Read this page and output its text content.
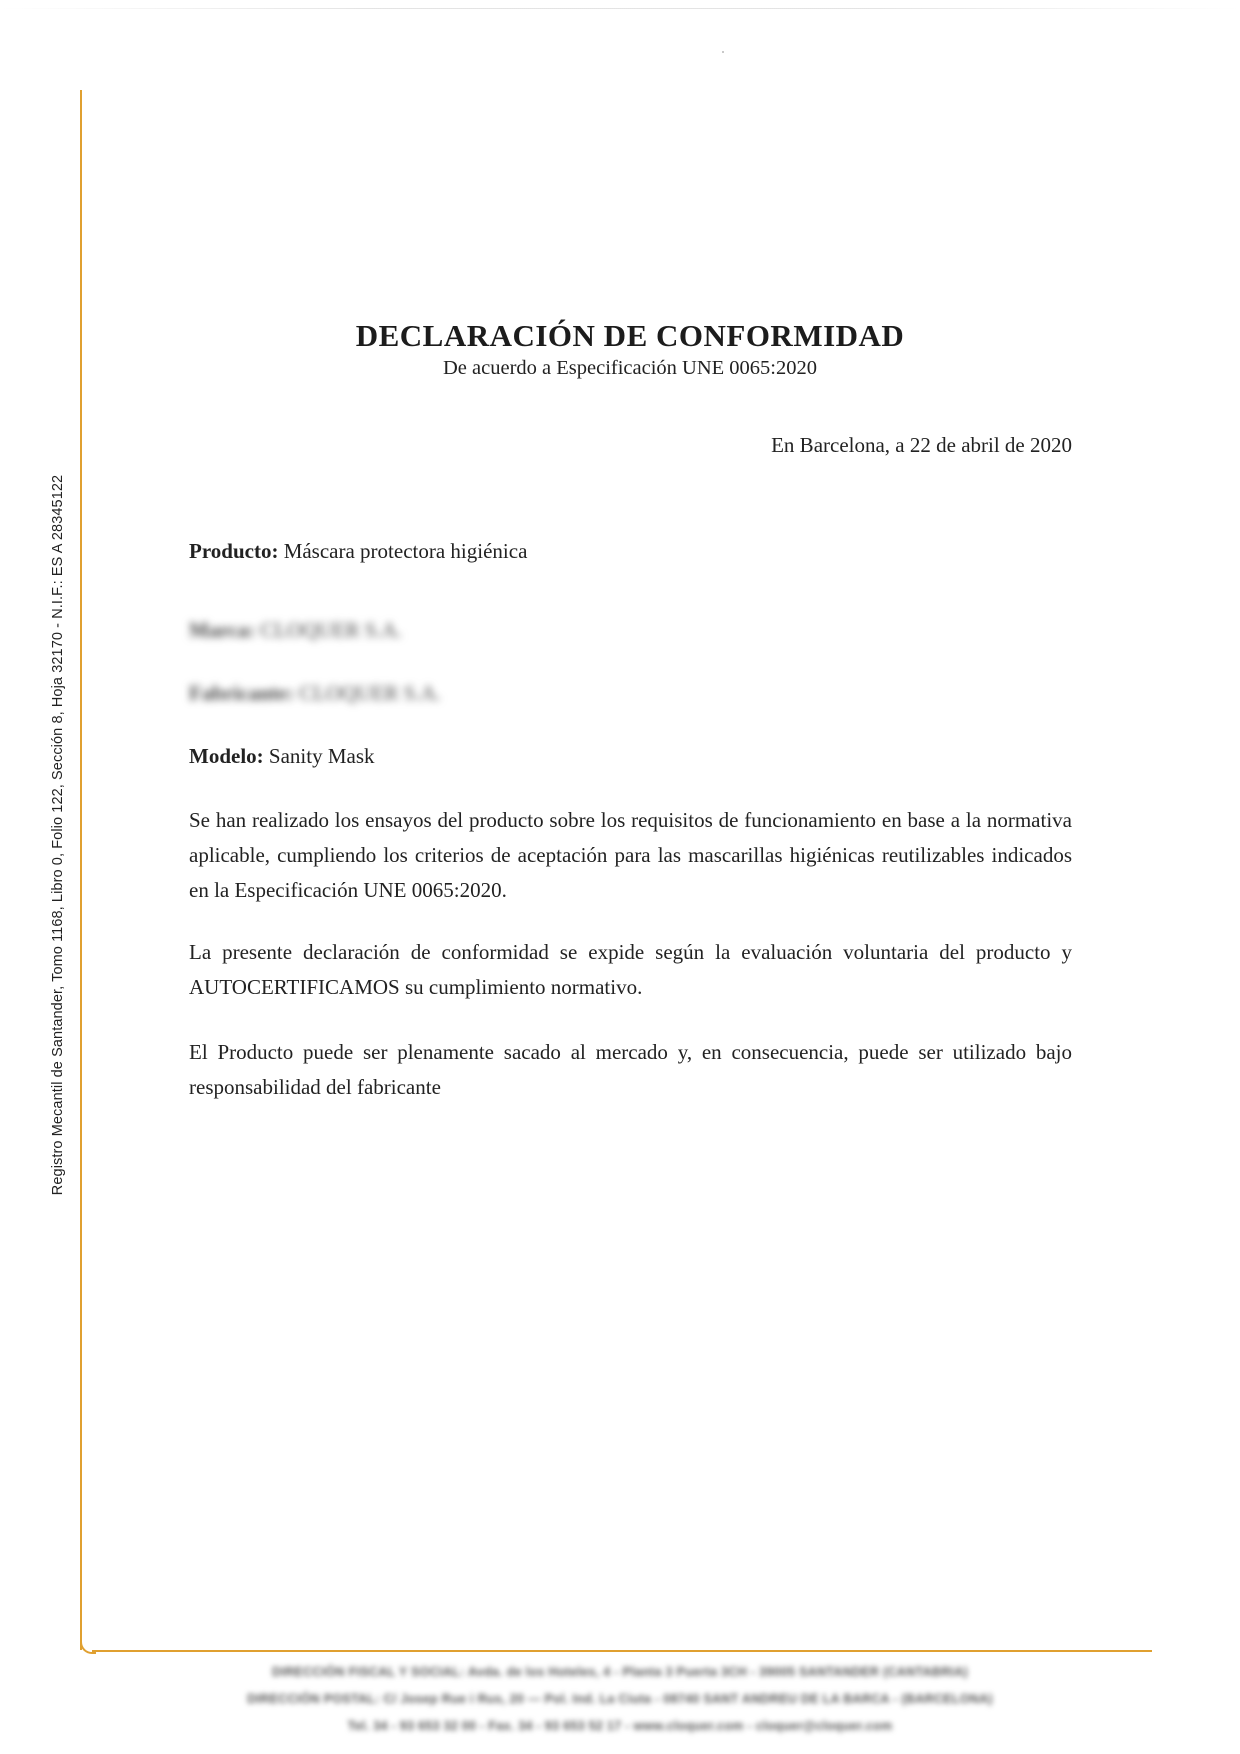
Registro Mecantil de Santander, Tomo 1168, Libro 0, Folio 122, Sección 8, Hoja 32170 - N.I.F.: ES A 28345122
DECLARACIÓN DE CONFORMIDAD
De acuerdo a Especificación UNE 0065:2020
En Barcelona, a 22 de abril de 2020
Producto: Máscara protectora higiénica
Marca: CLOQUER S.A.
Fabricante: CLOQUER S.A.
Modelo: Sanity Mask
Se han realizado los ensayos del producto sobre los requisitos de funcionamiento en base a la normativa aplicable, cumpliendo los criterios de aceptación para las mascarillas higiénicas reutilizables indicados en la Especificación UNE 0065:2020.
La presente declaración de conformidad se expide según la evaluación voluntaria del producto y AUTOCERTIFICAMOS su cumplimiento normativo.
El Producto puede ser plenamente sacado al mercado y, en consecuencia, puede ser utilizado bajo responsabilidad del fabricante
DIRECCIÓN FISCAL Y SOCIAL: Avda. de los Hoteles, 4 - Planta 3 Puerta 3CH - 39005 SANTANDER (CANTABRIA)
DIRECCIÓN POSTAL: C/ Josep Rue i Rus, 20 — Pol. Ind. La Ciuta - 08740 SANT ANDREU DE LA BARCA - (BARCELONA)
Tel. 34 - 93 653 32 00 - Fax. 34 - 93 653 52 17 - www.cloquer.com - cloquer@cloquer.com
